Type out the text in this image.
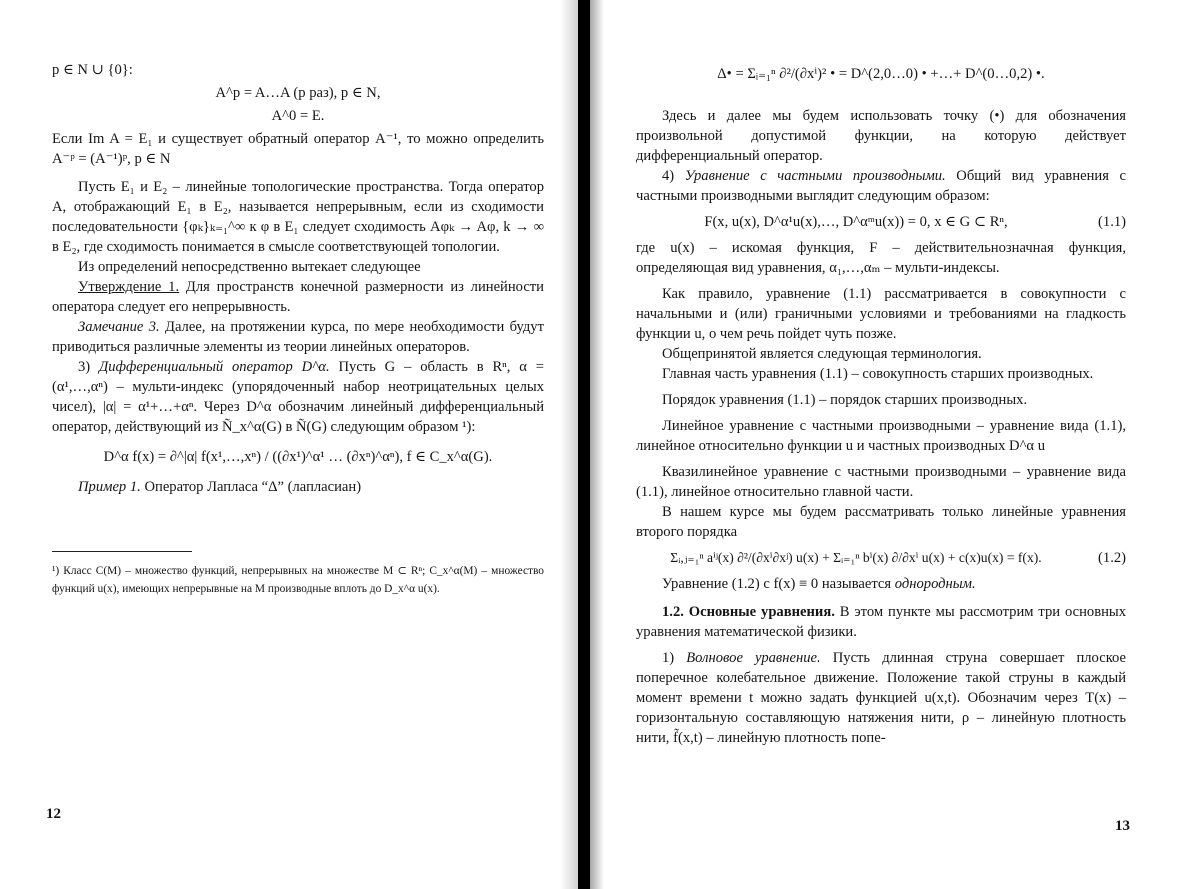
p ∈ N ∪ {0}:

A^p = A…A (p раз), p ∈ N,
A^0 = E.

Если Im A = E₁ и существует обратный оператор A⁻¹, то можно определить A⁻ᵖ = (A⁻¹)ᵖ, p ∈ N

Пусть E₁ и E₂ – линейные топологические пространства. Тогда оператор A, отображающий E₁ в E₂, называется непрерывным, если из сходимости последовательности {φₖ}ₖ₌₁^∞ к φ в E₁ следует сходимость Aφₖ → Aφ, k → ∞ в E₂, где сходимость понимается в смысле соответствующей топологии.

Из определений непосредственно вытекает следующее

Утверждение 1. Для пространств конечной размерности из линейности оператора следует его непрерывность.

Замечание 3. Далее, на протяжении курса, по мере необходимости будут приводиться различные элементы из теории линейных операторов.

3) Дифференциальный оператор D^α. Пусть G – область в Rⁿ, α = (α¹,…,αⁿ) – мульти-индекс (упорядоченный набор неотрицательных целых чисел), |α| = α¹+…+αⁿ. Через D^α обозначим линейный дифференциальный оператор, действующий из Ñ_x^α(G) в Ñ(G) следующим образом ¹):

D^α f(x) = ∂^|α| f(x¹,…,xⁿ) / ((∂x¹)^α¹ … (∂xⁿ)^αⁿ), f ∈ C_x^α(G).

Пример 1. Оператор Лапласа “Δ” (лапласиан)

¹) Класс C(M) – множество функций, непрерывных на множестве M ⊂ Rⁿ; C_x^α(M) – множество функций u(x), имеющих непрерывные на M производные вплоть до D_x^α u(x).

12
Δ• = Σᵢ₌₁ⁿ ∂²/(∂xⁱ)² • = D^(2,0…0) • +…+ D^(0…0,2) •.

Здесь и далее мы будем использовать точку (•) для обозначения произвольной допустимой функции, на которую действует дифференциальный оператор.

4) Уравнение с частными производными. Общий вид уравнения с частными производными выглядит следующим образом:

F(x, u(x), D^α¹u(x),…, D^αᵐu(x)) = 0, x ∈ G ⊂ Rⁿ,	(1.1)

где u(x) – искомая функция, F – действительнозначная функция, определяющая вид уравнения, α₁,…,αₘ – мульти-индексы.

Как правило, уравнение (1.1) рассматривается в совокупности с начальными и (или) граничными условиями и требованиями на гладкость функции u, о чем речь пойдет чуть позже.

Общепринятой является следующая терминология.

Главная часть уравнения (1.1) – совокупность старших производных.

Порядок уравнения (1.1) – порядок старших производных.

Линейное уравнение с частными производными – уравнение вида (1.1), линейное относительно функции u и частных производных D^α u

Квазилинейное уравнение с частными производными – уравнение вида (1.1), линейное относительно главной части.

В нашем курсе мы будем рассматривать только линейные уравнения второго порядка

Σᵢ,ⱼ₌₁ⁿ aⁱʲ(x) ∂²/(∂xⁱ∂xʲ) u(x) + Σᵢ₌₁ⁿ bⁱ(x) ∂/∂xⁱ u(x) + c(x)u(x) = f(x).	(1.2)

Уравнение (1.2) с f(x) ≡ 0 называется однородным.

1.2. Основные уравнения. В этом пункте мы рассмотрим три основных уравнения математической физики.

1) Волновое уравнение. Пусть длинная струна совершает плоское поперечное колебательное движение. Положение такой струны в каждый момент времени t можно задать функцией u(x,t). Обозначим через T(x) – горизонтальную составляющую натяжения нити, ρ – линейную плотность нити, f̃(x,t) – линейную плотность попе-

13
